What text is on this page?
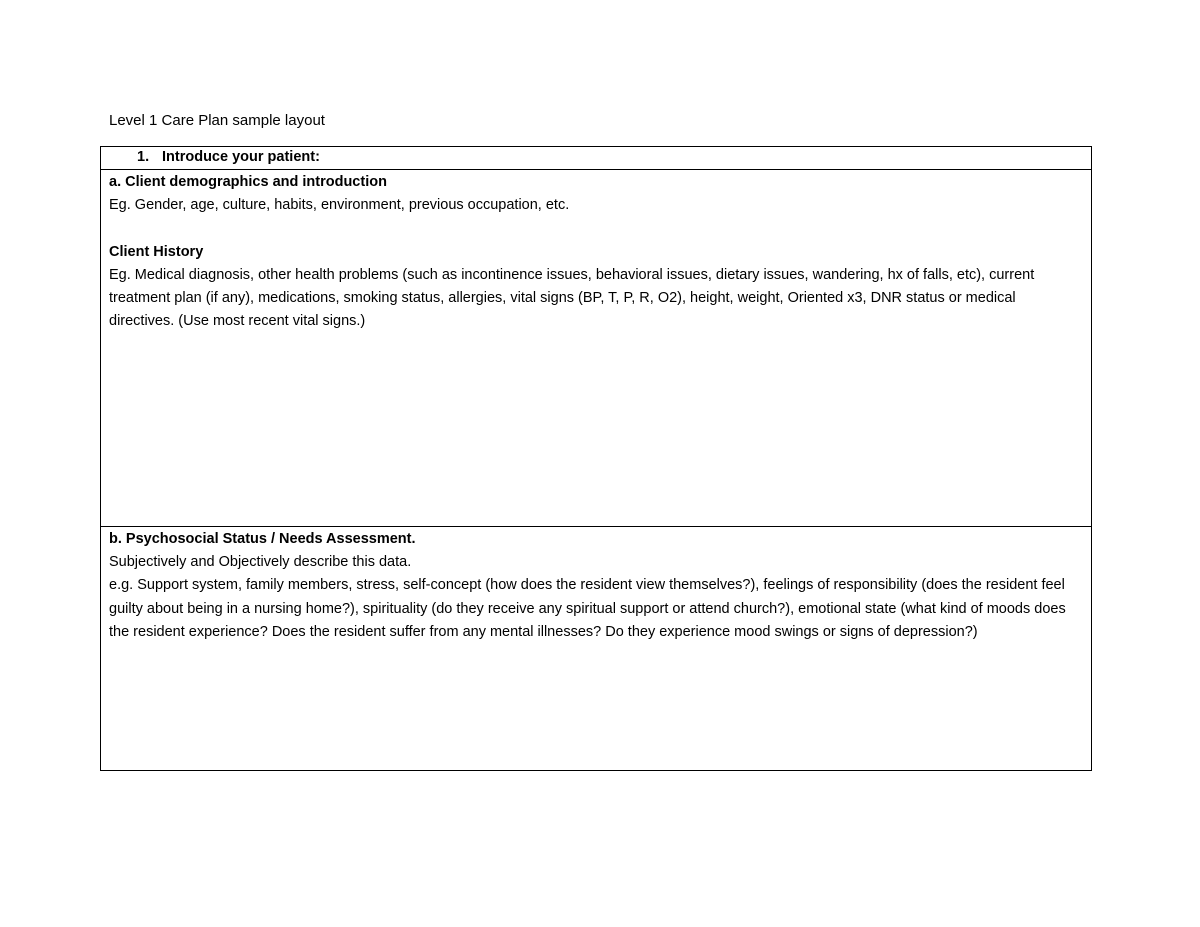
Level 1 Care Plan sample layout
1. Introduce your patient:

a. Client demographics and introduction

Eg. Gender, age, culture, habits, environment, previous occupation, etc.

Client History

Eg. Medical diagnosis, other health problems (such as incontinence issues, behavioral issues, dietary issues, wandering, hx of falls, etc), current treatment plan (if any), medications, smoking status, allergies, vital signs (BP, T, P, R, O2), height, weight, Oriented x3, DNR status or medical directives. (Use most recent vital signs.)

b. Psychosocial Status / Needs Assessment.

Subjectively and Objectively describe this data.

e.g. Support system, family members, stress, self-concept (how does the resident view themselves?), feelings of responsibility (does the resident feel guilty about being in a nursing home?), spirituality (do they receive any spiritual support or attend church?), emotional state (what kind of moods does the resident experience? Does the resident suffer from any mental illnesses? Do they experience mood swings or signs of depression?)
